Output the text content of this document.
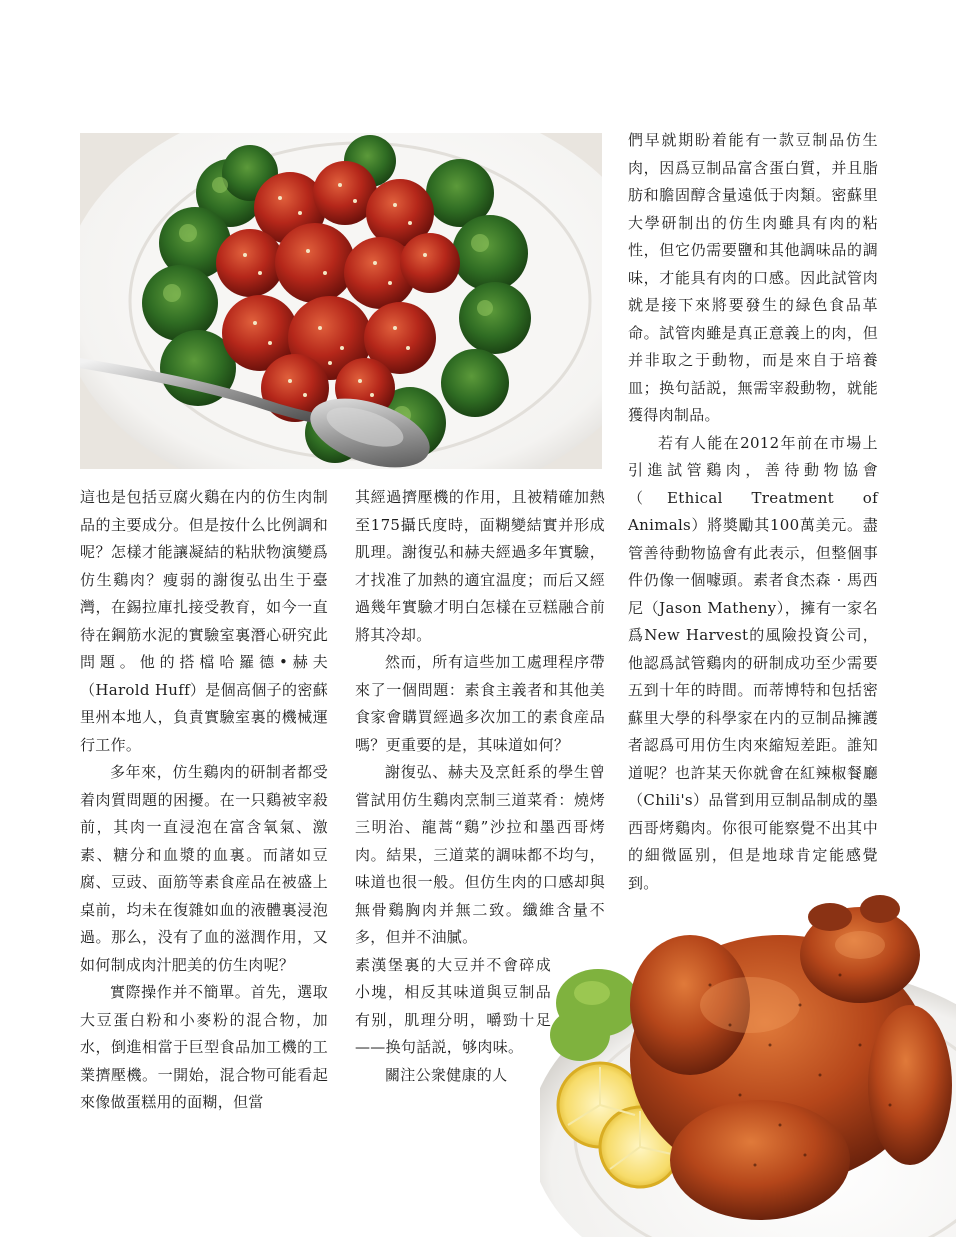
這也是包括豆腐火鷄在内的仿生肉制品的主要成分。但是按什么比例調和呢？怎樣才能讓凝結的粘狀物演變爲仿生鷄肉？瘦弱的謝復弘出生于臺灣，在錫拉庫扎接受教育，如今一直待在鋼筋水泥的實驗室裏潛心研究此問題。他的搭檔哈羅德•赫夫（Harold Huff）是個高個子的密蘇里州本地人，負責實驗室裏的機械運行工作。

多年來，仿生鷄肉的研制者都受着肉質問題的困擾。在一只鷄被宰殺前，其肉一直浸泡在富含氧氣、激素、糖分和血漿的血裏。而諸如豆腐、豆豉、面筋等素食産品在被盛上桌前，均未在復雜如血的液體裏浸泡過。那么，没有了血的滋潤作用，又如何制成肉汁肥美的仿生肉呢？

實際操作并不簡單。首先，選取大豆蛋白粉和小麥粉的混合物，加水，倒進相當于巨型食品加工機的工業擠壓機。一開始，混合物可能看起來像做蛋糕用的面糊，但當

其經過擠壓機的作用，且被精確加熱至175攝氏度時，面糊變結實并形成肌理。謝復弘和赫夫經過多年實驗，才找准了加熱的適宜温度；而后又經過幾年實驗才明白怎樣在豆糕融合前將其冷却。

然而，所有這些加工處理程序帶來了一個問題：素食主義者和其他美食家會購買經過多次加工的素食産品嗎？更重要的是，其味道如何？

謝復弘、赫夫及烹飪系的學生曾嘗試用仿生鷄肉烹制三道菜肴：燒烤三明治、龍蒿“鷄”沙拉和墨西哥烤肉。結果，三道菜的調味都不均勻，味道也很一般。但仿生肉的口感却與無骨鷄胸肉并無二致。纖維含量不多，但并不油膩。

素漢堡裏的大豆并不會碎成小塊，相反其味道與豆制品有别，肌理分明，嚼勁十足——换句話説，够肉味。

關注公衆健康的人

們早就期盼着能有一款豆制品仿生肉，因爲豆制品富含蛋白質，并且脂肪和膽固醇含量遠低于肉類。密蘇里大學研制出的仿生肉雖具有肉的粘性，但它仍需要鹽和其他調味品的調味，才能具有肉的口感。因此試管肉就是接下來將要發生的緑色食品革命。試管肉雖是真正意義上的肉，但并非取之于動物，而是來自于培養皿；换句話説，無需宰殺動物，就能獲得肉制品。

若有人能在2012年前在市場上引進試管鷄肉，善待動物協會（Ethical Treatment of Animals）將奬勵其100萬美元。盡管善待動物協會有此表示，但整個事件仍像一個噱頭。素者食杰森 · 馬西尼（Jason Matheny），擁有一家名爲New Harvest的風險投資公司，他認爲試管鷄肉的研制成功至少需要五到十年的時間。而蒂博特和包括密蘇里大學的科學家在内的豆制品擁護者認爲可用仿生肉來縮短差距。誰知道呢？也許某天你就會在紅辣椒餐廳（Chili's）品嘗到用豆制品制成的墨西哥烤鷄肉。你很可能察覺不出其中的細微區别，但是地球肯定能感覺到。
